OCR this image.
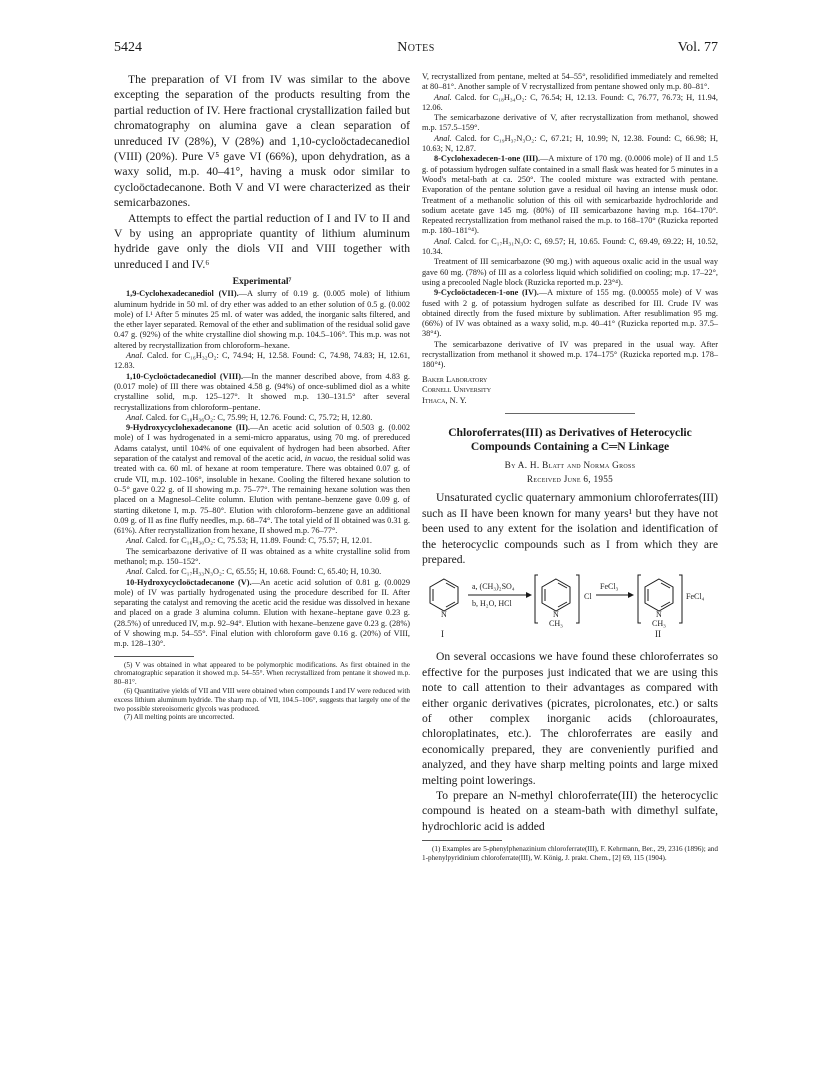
5424	Notes	Vol. 77

The preparation of VI from IV was similar to the above excepting the separation of the products resulting from the partial reduction of IV. Here fractional crystallization failed but chromatography on alumina gave a clean separation of unreduced IV (28%), V (28%) and 1,10-cycloöctadecanediol (VIII) (20%). Pure V⁵ gave VI (66%), upon dehydration, as a waxy solid, m.p. 40–41°, having a musk odor similar to cycloöctadecanone. Both V and VI were characterized as their semicarbazones.

Attempts to effect the partial reduction of I and IV to II and V by using an appropriate quantity of lithium aluminum hydride gave only the diols VII and VIII together with unreduced I and IV.⁶

Experimental⁷

1,9-Cyclohexadecanediol (VII).—A slurry of 0.19 g. (0.005 mole) of lithium aluminum hydride in 50 ml. of dry ether was added to an ether solution of 0.5 g. (0.002 mole) of I.¹ After 5 minutes 25 ml. of water was added, the inorganic salts filtered, and the ether layer separated. Removal of the ether and sublimation of the residual solid gave 0.47 g. (92%) of the white crystalline diol showing m.p. 104.5–106°. This m.p. was not altered by recrystallization from chloroform–hexane.

Anal. Calcd. for C₁₆H₃₂O₂: C, 74.94; H, 12.58. Found: C, 74.98, 74.83; H, 12.61, 12.83.

1,10-Cycloöctadecanediol (VIII).—In the manner described above, from 4.83 g. (0.017 mole) of III there was obtained 4.58 g. (94%) of once-sublimed diol as a white crystalline solid, m.p. 125–127°. It showed m.p. 130–131.5° after several recrystallizations from chloroform–pentane.

Anal. Calcd. for C₁₈H₃₆O₂: C, 75.99; H, 12.76. Found: C, 75.72; H, 12.80.

9-Hydroxycyclohexadecanone (II).—An acetic acid solution of 0.503 g. (0.002 mole) of I was hydrogenated in a semi-micro apparatus, using 70 mg. of prereduced Adams catalyst, until 104% of one equivalent of hydrogen had been absorbed. After separation of the catalyst and removal of the acetic acid, in vacuo, the residual solid was treated with ca. 60 ml. of hexane at room temperature. There was obtained 0.07 g. of crude VII, m.p. 102–106°, insoluble in hexane. Cooling the filtered hexane solution to 0–5° gave 0.22 g. of II showing m.p. 75–77°. The remaining hexane solution was then placed on a Magnesol–Celite column. Elution with pentane–benzene gave 0.09 g. of starting diketone I, m.p. 75–80°. Elution with chloroform–benzene gave an additional 0.09 g. of II as fine fluffy needles, m.p. 68–74°. The total yield of II obtained was 0.31 g. (61%). After recrystallization from hexane, II showed m.p. 76–77°.

Anal. Calcd. for C₁₆H₃₀O₂: C, 75.53; H, 11.89. Found: C, 75.57; H, 12.01.

The semicarbazone derivative of II was obtained as a white crystalline solid from methanol; m.p. 150–152°.

Anal. Calcd. for C₁₇H₃₃N₃O₂: C, 65.55; H, 10.68. Found: C, 65.40; H, 10.30.

10-Hydroxycycloöctadecanone (V).—An acetic acid solution of 0.81 g. (0.0029 mole) of IV was partially hydrogenated using the procedure described for II. After separating the catalyst and removing the acetic acid the residue was dissolved in hexane and placed on a grade 3 alumina column. Elution with hexane–heptane gave 0.23 g. (28.5%) of unreduced IV, m.p. 92–94°. Elution with hexane–benzene gave 0.23 g. (28%) of V showing m.p. 54–55°. Final elution with chloroform gave 0.16 g. (20%) of VIII, m.p. 128–130°.

(5) V was obtained in what appeared to be polymorphic modifications. As first obtained in the chromatographic separation it showed m.p. 54–55°. When recrystallized from pentane it showed m.p. 80–81°.

(6) Quantitative yields of VII and VIII were obtained when compounds I and IV were reduced with excess lithium aluminum hydride. The sharp m.p. of VII, 104.5–106°, suggests that largely one of the two possible stereoisomeric glycols was produced.

(7) All melting points are uncorrected.

V, recrystallized from pentane, melted at 54–55°, resolidified immediately and remelted at 80–81°. Another sample of V recrystallized from pentane showed only m.p. 80–81°.

Anal. Calcd. for C₁₈H₃₄O₂: C, 76.54; H, 12.13. Found: C, 76.77, 76.73; H, 11.94, 12.06.

The semicarbazone derivative of V, after recrystallization from methanol, showed m.p. 157.5–159°.

Anal. Calcd. for C₁₉H₃₇N₃O₂: C, 67.21; H, 10.99; N, 12.38. Found: C, 66.98; H, 10.63; N, 12.87.

8-Cyclohexadecen-1-one (III).—A mixture of 170 mg. (0.0006 mole) of II and 1.5 g. of potassium hydrogen sulfate contained in a small flask was heated for 5 minutes in a Wood's metal-bath at ca. 250°. The cooled mixture was extracted with pentane. Evaporation of the pentane solution gave a residual oil having an intense musk odor. Treatment of a methanolic solution of this oil with semicarbazide hydrochloride and sodium acetate gave 145 mg. (80%) of III semicarbazone having m.p. 164–170°. Repeated recrystallization from methanol raised the m.p. to 168–170° (Ruzicka reported m.p. 180–181°⁴).

Anal. Calcd. for C₁₇H₃₁N₃O: C, 69.57; H, 10.65. Found: C, 69.49, 69.22; H, 10.52, 10.34.

Treatment of III semicarbazone (90 mg.) with aqueous oxalic acid in the usual way gave 60 mg. (78%) of III as a colorless liquid which solidified on cooling; m.p. 17–22°, using a precooled Nagle block (Ruzicka reported m.p. 23°⁴).

9-Cycloöctadecen-1-one (IV).—A mixture of 155 mg. (0.00055 mole) of V was fused with 2 g. of potassium hydrogen sulfate as described for III. Crude IV was obtained directly from the fused mixture by sublimation. After resublimation 95 mg. (66%) of IV was obtained as a waxy solid, m.p. 40–41° (Ruzicka reported m.p. 37.5–38°⁴).

The semicarbazone derivative of IV was prepared in the usual way. After recrystallization from methanol it showed m.p. 174–175° (Ruzicka reported m.p. 178–180°⁴).

Baker Laboratory
Cornell University
Ithaca, N. Y.
Chloroferrates(III) as Derivatives of Heterocyclic Compounds Containing a C═N Linkage
By A. H. Blatt and Norma Gross
Received June 6, 1955

Unsaturated cyclic quaternary ammonium chloroferrates(III) such as II have been known for many years¹ but they have not been used to any extent for the isolation and identification of the heterocyclic compounds such as I from which they are prepared.

N
I
a, (CH₃)₂SO₄
b, H₂O, HCl
N
CH₃
Cl
FeCl₃
N
CH₃
FeCl₄
II

On several occasions we have found these chloroferrates so effective for the purposes just indicated that we are using this note to call attention to their advantages as compared with either organic derivatives (picrates, picrolonates, etc.) or salts of other complex inorganic acids (chloroaurates, chloroplatinates, etc.). The chloroferrates are easily and economically prepared, they are conveniently purified and analyzed, and they have sharp melting points and large mixed melting point lowerings.

To prepare an N-methyl chloroferrate(III) the heterocyclic compound is heated on a steam-bath with dimethyl sulfate, hydrochloric acid is added

(1) Examples are 5-phenylphenazinium chloroferrate(III), F. Kehrmann, Ber., 29, 2316 (1896); and 1-phenylpyridinium chloroferrate(III), W. König, J. prakt. Chem., [2] 69, 115 (1904).
